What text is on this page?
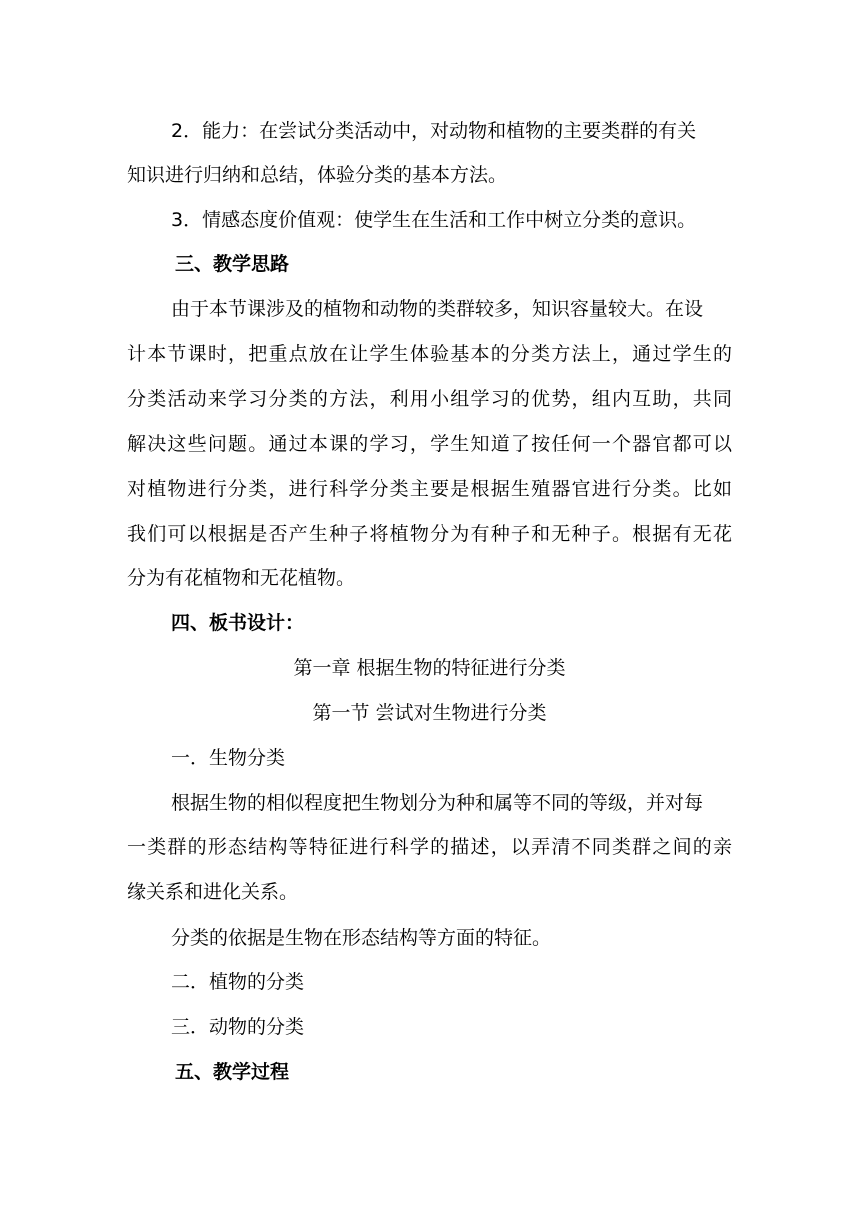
2．能力：在尝试分类活动中，对动物和植物的主要类群的有关
知识进行归纳和总结，体验分类的基本方法。
3．情感态度价值观：使学生在生活和工作中树立分类的意识。
三、教学思路
由于本节课涉及的植物和动物的类群较多，知识容量较大。在设
计本节课时，把重点放在让学生体验基本的分类方法上，通过学生的
分类活动来学习分类的方法，利用小组学习的优势，组内互助，共同
解决这些问题。通过本课的学习，学生知道了按任何一个器官都可以
对植物进行分类，进行科学分类主要是根据生殖器官进行分类。比如
我们可以根据是否产生种子将植物分为有种子和无种子。根据有无花
分为有花植物和无花植物。
四、板书设计：
第一章 根据生物的特征进行分类
第一节 尝试对生物进行分类
一．生物分类
根据生物的相似程度把生物划分为种和属等不同的等级，并对每
一类群的形态结构等特征进行科学的描述，以弄清不同类群之间的亲
缘关系和进化关系。
分类的依据是生物在形态结构等方面的特征。
二．植物的分类
三．动物的分类
五、教学过程
